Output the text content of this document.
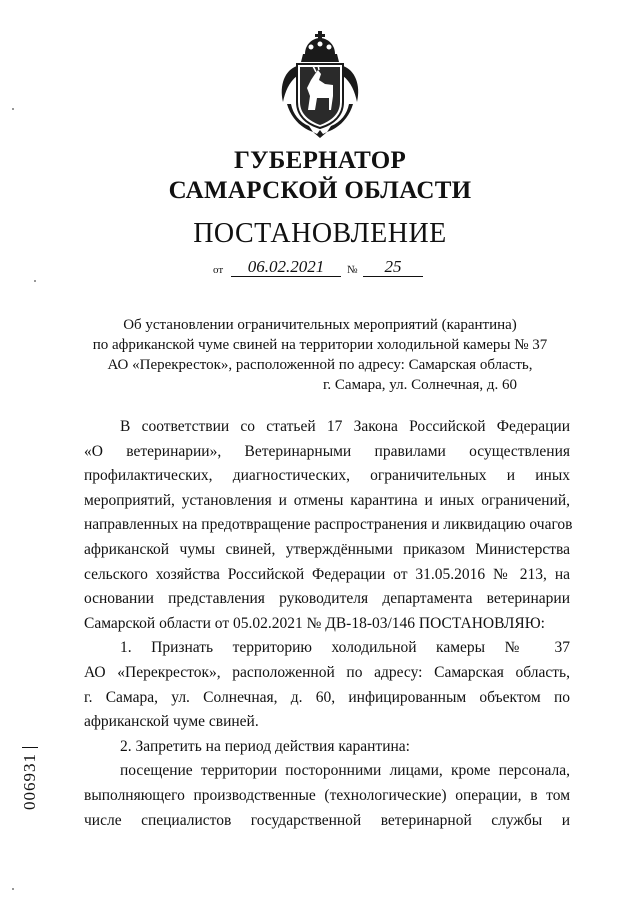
ГУБЕРНАТОР
САМАРСКОЙ ОБЛАСТИ
ПОСТАНОВЛЕНИЕ
от	06.02.2021	№	25
Об установлении ограничительных мероприятий (карантина)
по африканской чуме свиней на территории холодильной камеры № 37
АО «Перекресток», расположенной по адресу: Самарская область,
г. Самара, ул. Солнечная, д. 60
В соответствии со статьей 17 Закона Российской Федерации
«О ветеринарии», Ветеринарными правилами осуществления
профилактических, диагностических, ограничительных и иных
мероприятий, установления и отмены карантина и иных ограничений,
направленных на предотвращение распространения и ликвидацию очагов
африканской чумы свиней, утверждёнными приказом Министерства
сельского хозяйства Российской Федерации от 31.05.2016 № 213, на
основании представления руководителя департамента ветеринарии
Самарской области от 05.02.2021 № ДВ-18-03/146 ПОСТАНОВЛЯЮ:
1. Признать территорию холодильной камеры № 37
АО «Перекресток», расположенной по адресу: Самарская область,
г. Самара, ул. Солнечная, д. 60, инфицированным объектом по
африканской чуме свиней.
2. Запретить на период действия карантина:
посещение территории посторонними лицами, кроме персонала,
выполняющего производственные (технологические) операции, в том
числе специалистов государственной ветеринарной службы и
006931
